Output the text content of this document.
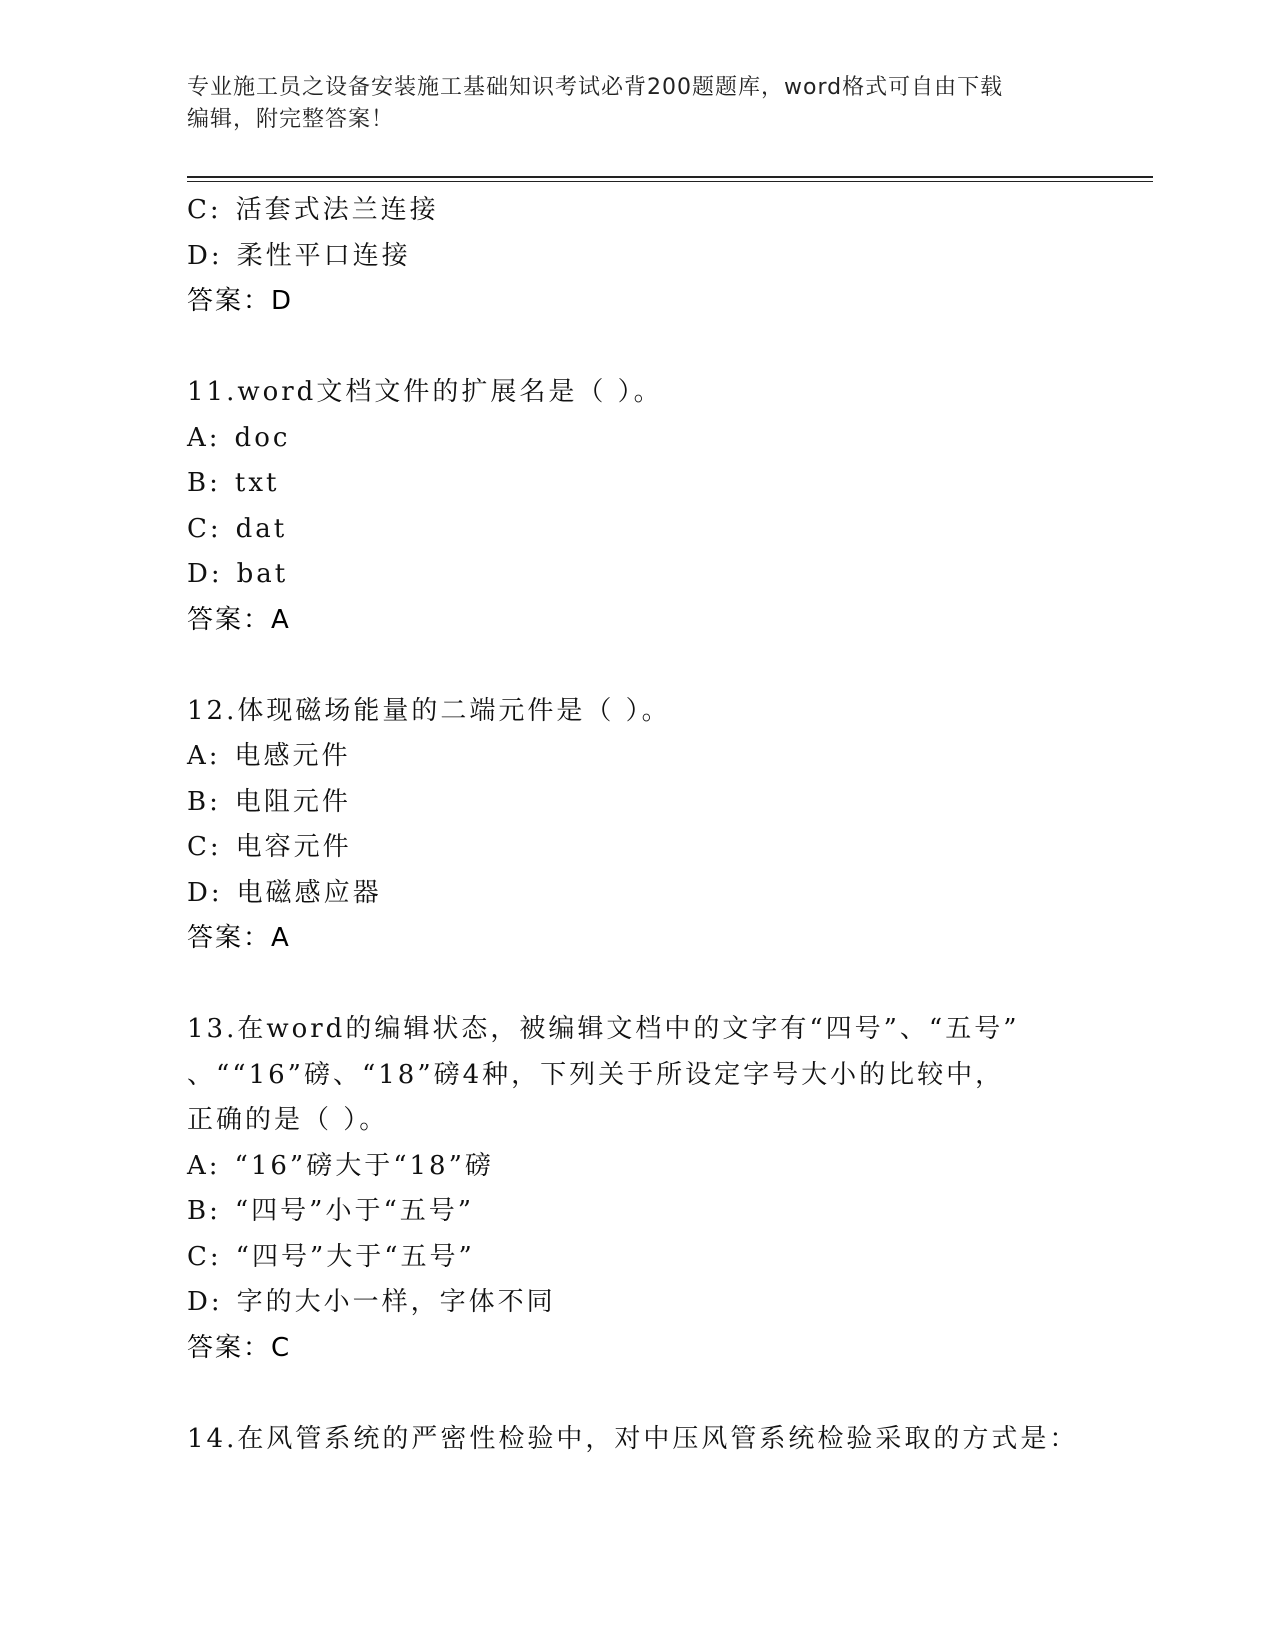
专业施工员之设备安装施工基础知识考试必背200题题库，word格式可自由下载
编辑，附完整答案！
C: 活套式法兰连接
D: 柔性平口连接
答案：D
11.word文档文件的扩展名是（ ）。
A: doc
B: txt
C: dat
D: bat
答案：A
12.体现磁场能量的二端元件是（ ）。
A: 电感元件
B: 电阻元件
C: 电容元件
D: 电磁感应器
答案：A
13.在word的编辑状态，被编辑文档中的文字有“四号”、“五号”
、““16”磅、“18”磅4种，下列关于所设定字号大小的比较中，
正确的是（ ）。
A: “16”磅大于“18”磅
B: “四号”小于“五号”
C: “四号”大于“五号”
D: 字的大小一样，字体不同
答案：C
14.在风管系统的严密性检验中，对中压风管系统检验采取的方式是：
